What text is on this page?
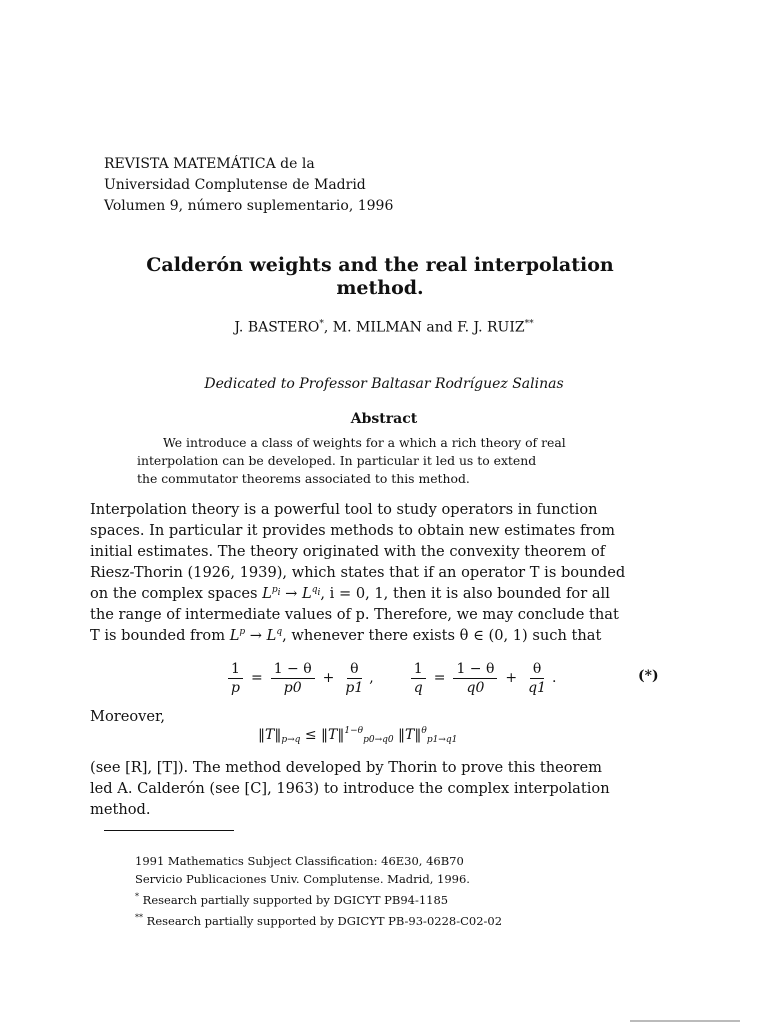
REVISTA MATEMÁTICA de la
Universidad Complutense de Madrid
Volumen 9, número suplementario, 1996
Calderón weights and the real interpolation
method.
J. BASTERO*, M. MILMAN and F. J. RUIZ**
Dedicated to Professor Baltasar Rodríguez Salinas
Abstract
We introduce a class of weights for a which a rich theory of real
interpolation can be developed. In particular it led us to extend
the commutator theorems associated to this method.
Interpolation theory is a powerful tool to study operators in function
spaces. In particular it provides methods to obtain new estimates from
initial estimates. The theory originated with the convexity theorem of
Riesz-Thorin (1926, 1939), which states that if an operator T is bounded
on the complex spaces $L^{p_i} \to L^{q_i}$, i = 0, 1, then it is also bounded for all
the range of intermediate values of p. Therefore, we may conclude that
T is bounded from $L^p \to L^q$, whenever there exists θ ∈ (0, 1) such that
$\frac{1}{p} = \frac{1 - \theta}{p0} + \frac{\theta}{p1}$ ,	$\frac{1}{q} = \frac{1 - \theta}{q0} + \frac{\theta}{q1}$ .	(*)
Moreover,
$‖T‖_{p\to q}$ ≤ ‖T‖$^{1-\theta}_{p0\to q0}$ ‖T‖$^\theta_{p1\to q1}$
(see [R], [T]). The method developed by Thorin to prove this theorem
led A. Calderón (see [C], 1963) to introduce the complex interpolation
method.
1991 Mathematics Subject Classification: 46E30, 46B70
Servicio Publicaciones Univ. Complutense. Madrid, 1996.
* Research partially supported by DGICYT PB94-1185
** Research partially supported by DGICYT PB-93-0228-C02-02
